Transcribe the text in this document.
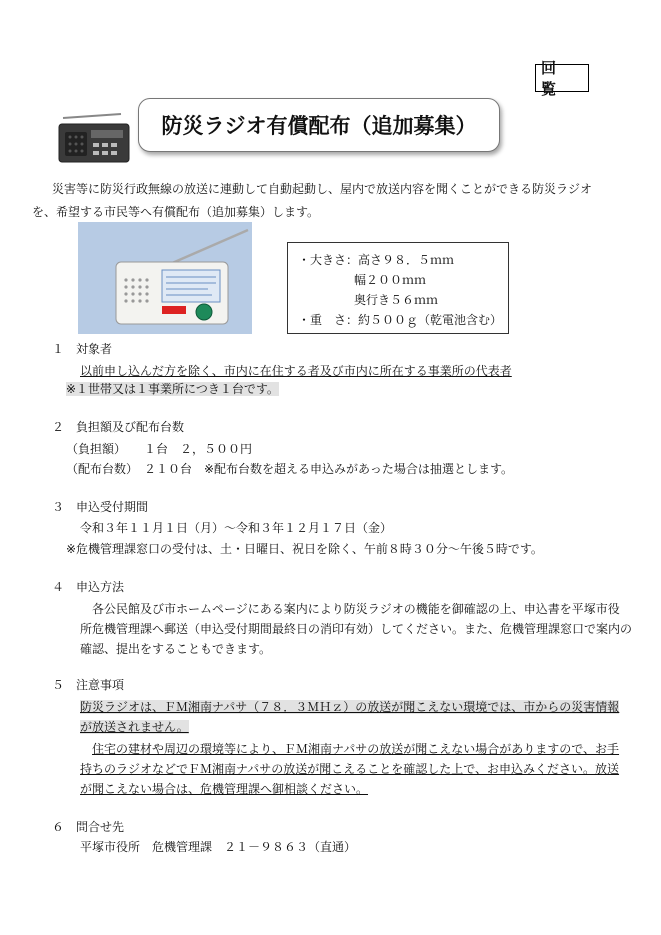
回　覧
防災ラジオ有償配布（追加募集）
災害等に防災行政無線の放送に連動して自動起動し、屋内で放送内容を聞くことができる防災ラジオ
を、希望する市民等へ有償配布（追加募集）します。
・大きさ：高さ９８．５ｍｍ
幅２００ｍｍ
奥行き５６ｍｍ
・重　さ：約５００ｇ（乾電池含む）
１ 対象者
以前申し込んだ方を除く、市内に在住する者及び市内に所在する事業所の代表者
※１世帯又は１事業所につき１台です。
２ 負担額及び配布台数
（負担額）　　１台　２，５００円
（配布台数）　２１０台　※配布台数を超える申込みがあった場合は抽選とします。
３ 申込受付期間
令和３年１１月１日（月）～令和３年１２月１７日（金）
※危機管理課窓口の受付は、土・日曜日、祝日を除く、午前８時３０分～午後５時です。
４ 申込方法
各公民館及び市ホームページにある案内により防災ラジオの機能を御確認の上、申込書を平塚市役
所危機管理課へ郵送（申込受付期間最終日の消印有効）してください。また、危機管理課窓口で案内の
確認、提出をすることもできます。
５ 注意事項
防災ラジオは、ＦＭ湘南ナパサ（７８．３ＭＨｚ）の放送が聞こえない環境では、市からの災害情報
が放送されません。
住宅の建材や周辺の環境等により、ＦＭ湘南ナパサの放送が聞こえない場合がありますので、お手
持ちのラジオなどでＦＭ湘南ナパサの放送が聞こえることを確認した上で、お申込みください。放送
が聞こえない場合は、危機管理課へ御相談ください。
６ 問合せ先
平塚市役所　危機管理課　２１－９８６３（直通）
